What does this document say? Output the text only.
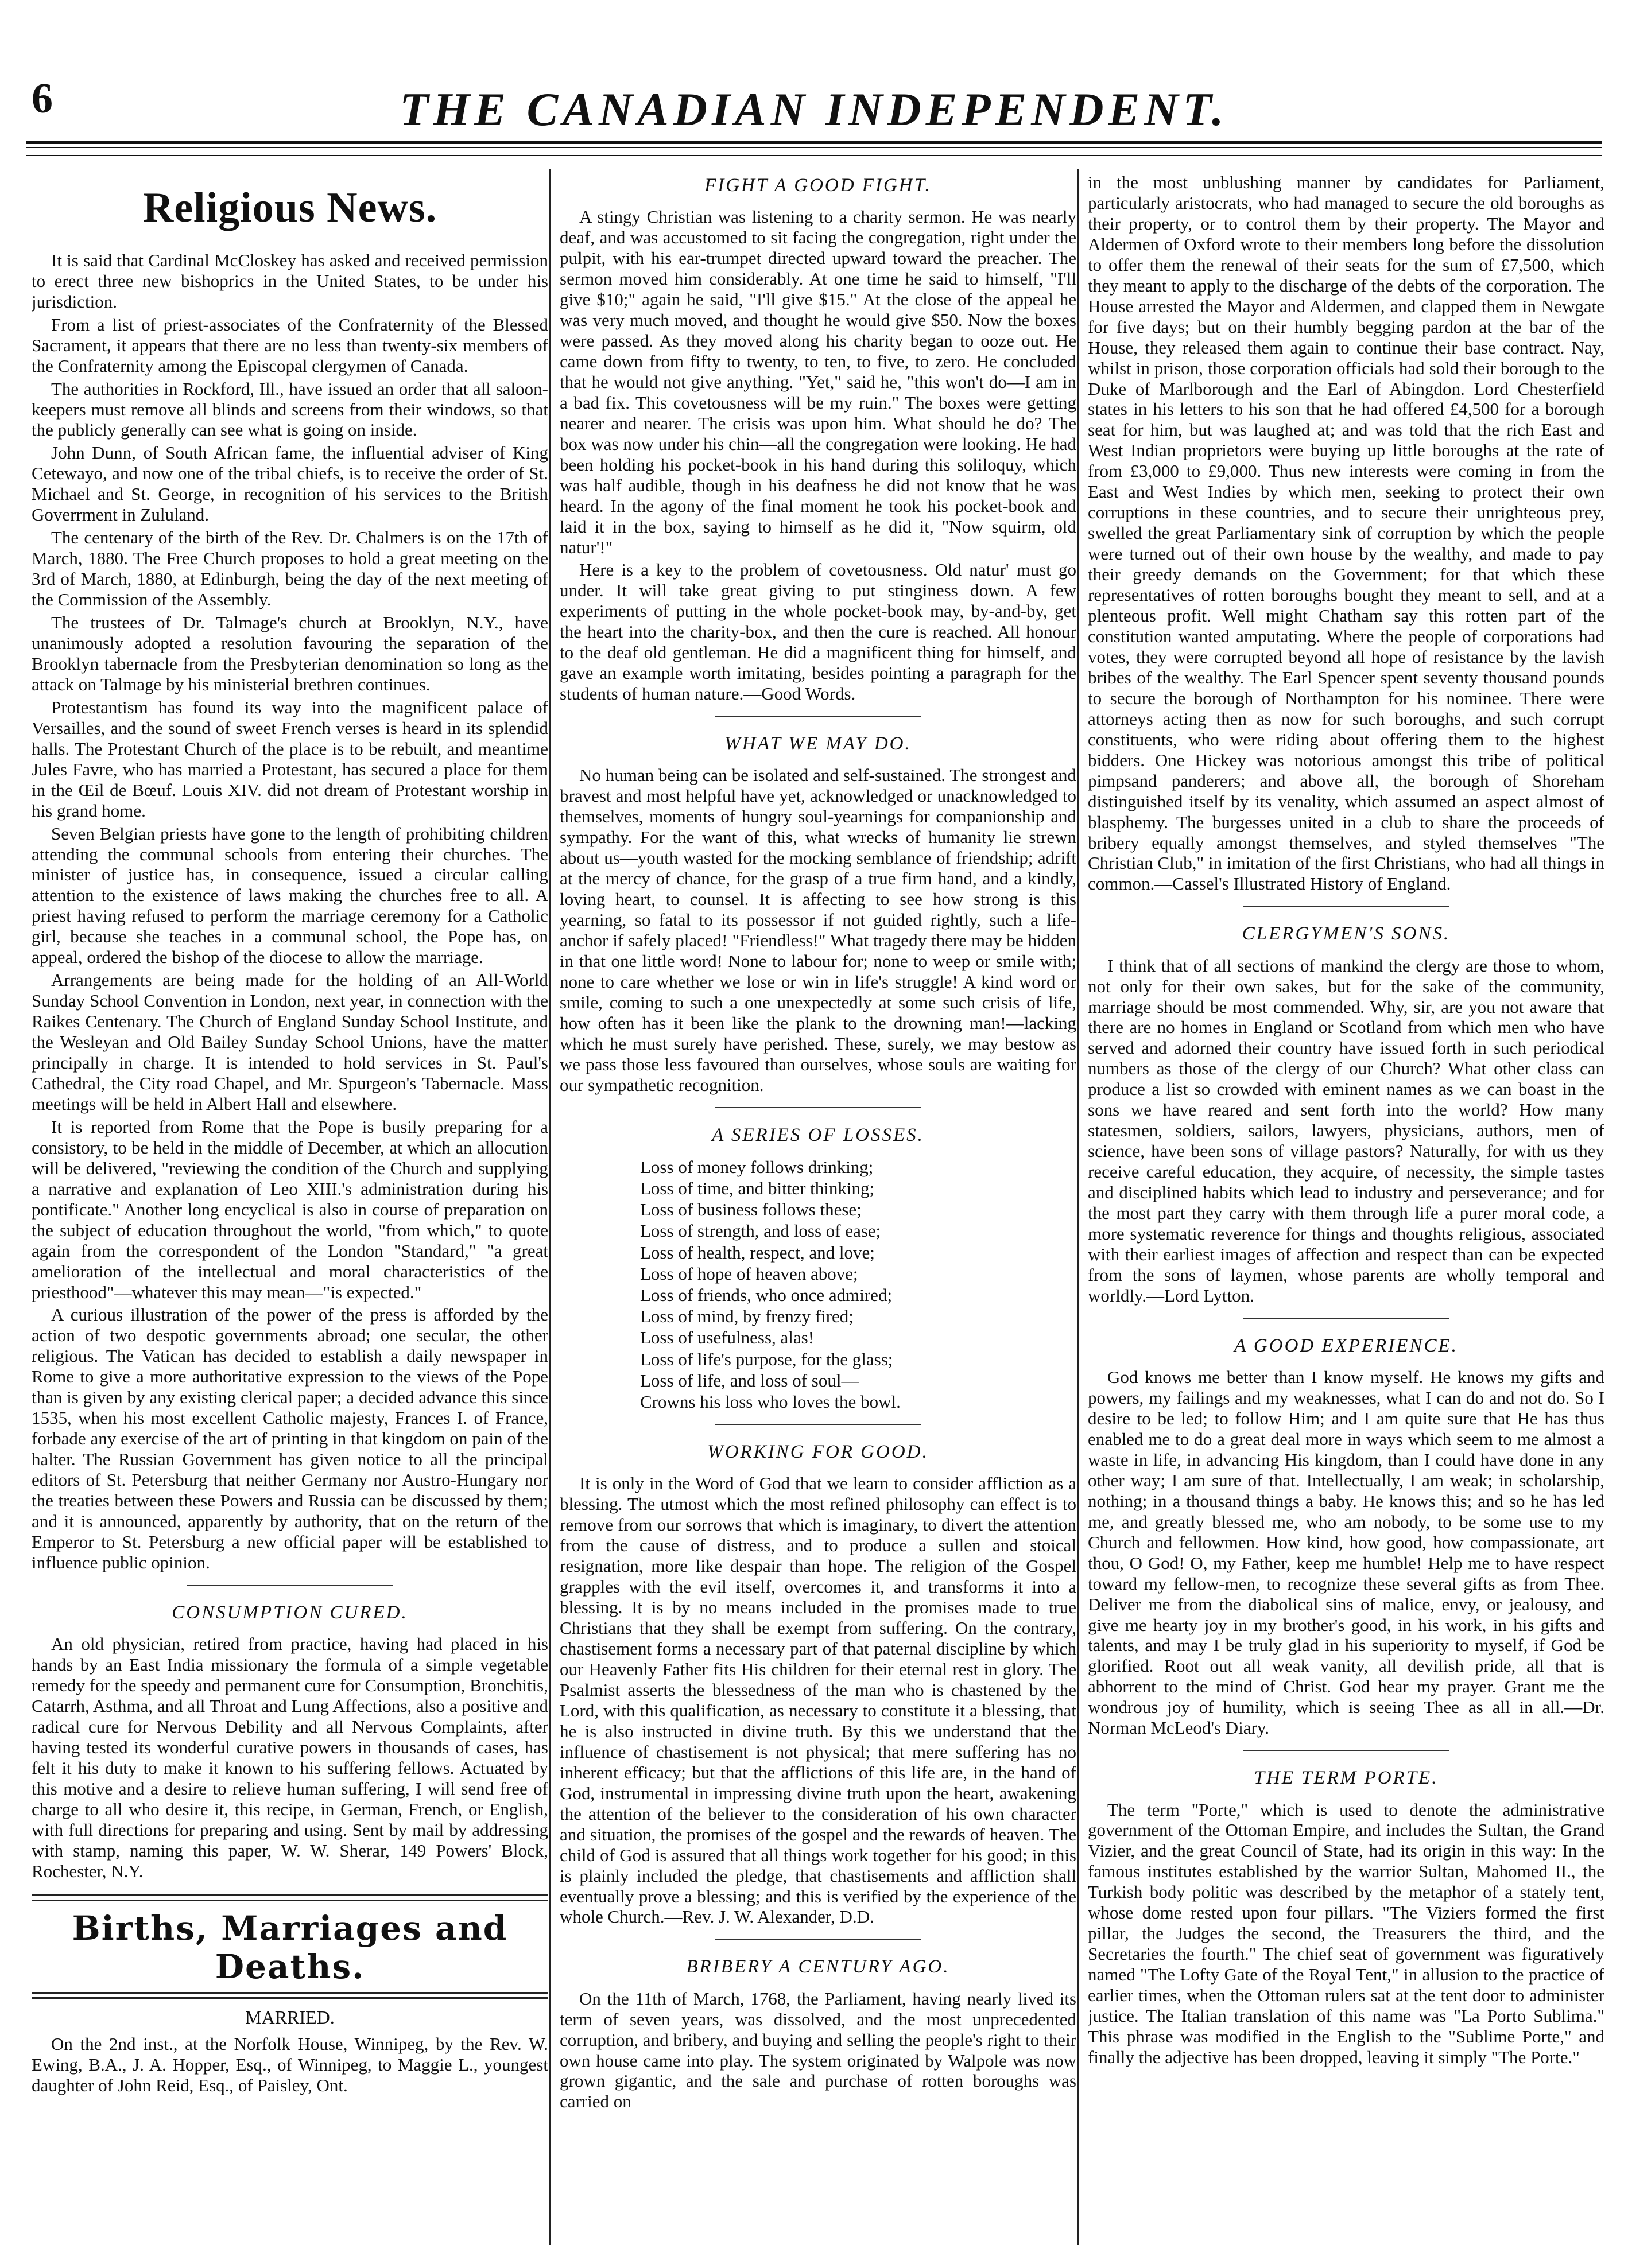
6	THE CANADIAN INDEPENDENT.
Religious News.

It is said that Cardinal McCloskey has asked and received permission to erect three new bishoprics in the United States, to be under his jurisdiction.

From a list of priest-associates of the Confraternity of the Blessed Sacrament, it appears that there are no less than twenty-six members of the Confraternity among the Episcopal clergymen of Canada.

The authorities in Rockford, Ill., have issued an order that all saloon-keepers must remove all blinds and screens from their windows, so that the publicly generally can see what is going on inside.

John Dunn, of South African fame, the influential adviser of King Cetewayo, and now one of the tribal chiefs, is to receive the order of St. Michael and St. George, in recognition of his services to the British Goverrment in Zululand.

The centenary of the birth of the Rev. Dr. Chalmers is on the 17th of March, 1880. The Free Church proposes to hold a great meeting on the 3rd of March, 1880, at Edinburgh, being the day of the next meeting of the Commission of the Assembly.

The trustees of Dr. Talmage's church at Brooklyn, N.Y., have unanimously adopted a resolution favouring the separation of the Brooklyn tabernacle from the Presbyterian denomination so long as the attack on Talmage by his ministerial brethren continues.

Protestantism has found its way into the magnificent palace of Versailles, and the sound of sweet French verses is heard in its splendid halls. The Protestant Church of the place is to be rebuilt, and meantime Jules Favre, who has married a Protestant, has secured a place for them in the Œil de Bœuf. Louis XIV. did not dream of Protestant worship in his grand home.

Seven Belgian priests have gone to the length of prohibiting children attending the communal schools from entering their churches. The minister of justice has, in consequence, issued a circular calling attention to the existence of laws making the churches free to all. A priest having refused to perform the marriage ceremony for a Catholic girl, because she teaches in a communal school, the Pope has, on appeal, ordered the bishop of the diocese to allow the marriage.

Arrangements are being made for the holding of an All-World Sunday School Convention in London, next year, in connection with the Raikes Centenary. The Church of England Sunday School Institute, and the Wesleyan and Old Bailey Sunday School Unions, have the matter principally in charge. It is intended to hold services in St. Paul's Cathedral, the City road Chapel, and Mr. Spurgeon's Tabernacle. Mass meetings will be held in Albert Hall and elsewhere.

It is reported from Rome that the Pope is busily preparing for a consistory, to be held in the middle of December, at which an allocution will be delivered, "reviewing the condition of the Church and supplying a narrative and explanation of Leo XIII.'s administration during his pontificate." Another long encyclical is also in course of preparation on the subject of education throughout the world, "from which," to quote again from the correspondent of the London "Standard," "a great amelioration of the intellectual and moral characteristics of the priesthood"—whatever this may mean—"is expected."

A curious illustration of the power of the press is afforded by the action of two despotic governments abroad; one secular, the other religious. The Vatican has decided to establish a daily newspaper in Rome to give a more authoritative expression to the views of the Pope than is given by any existing clerical paper; a decided advance this since 1535, when his most excellent Catholic majesty, Frances I. of France, forbade any exercise of the art of printing in that kingdom on pain of the halter. The Russian Government has given notice to all the principal editors of St. Petersburg that neither Germany nor Austro-Hungary nor the treaties between these Powers and Russia can be discussed by them; and it is announced, apparently by authority, that on the return of the Emperor to St. Petersburg a new official paper will be established to influence public opinion.

CONSUMPTION CURED.

An old physician, retired from practice, having had placed in his hands by an East India missionary the formula of a simple vegetable remedy for the speedy and permanent cure for Consumption, Bronchitis, Catarrh, Asthma, and all Throat and Lung Affections, also a positive and radical cure for Nervous Debility and all Nervous Complaints, after having tested its wonderful curative powers in thousands of cases, has felt it his duty to make it known to his suffering fellows. Actuated by this motive and a desire to relieve human suffering, I will send free of charge to all who desire it, this recipe, in German, French, or English, with full directions for preparing and using. Sent by mail by addressing with stamp, naming this paper, W. W. Sherar, 149 Powers' Block, Rochester, N.Y.

Births, Marriages and Deaths.
MARRIED.

On the 2nd inst., at the Norfolk House, Winnipeg, by the Rev. W. Ewing, B.A., J. A. Hopper, Esq., of Winnipeg, to Maggie L., youngest daughter of John Reid, Esq., of Paisley, Ont.

FIGHT A GOOD FIGHT.

A stingy Christian was listening to a charity sermon. He was nearly deaf, and was accustomed to sit facing the congregation, right under the pulpit, with his ear-trumpet directed upward toward the preacher. The sermon moved him considerably. At one time he said to himself, "I'll give $10;" again he said, "I'll give $15." At the close of the appeal he was very much moved, and thought he would give $50. Now the boxes were passed. As they moved along his charity began to ooze out. He came down from fifty to twenty, to ten, to five, to zero. He concluded that he would not give anything. "Yet," said he, "this won't do—I am in a bad fix. This covetousness will be my ruin." The boxes were getting nearer and nearer. The crisis was upon him. What should he do? The box was now under his chin—all the congregation were looking. He had been holding his pocket-book in his hand during this soliloquy, which was half audible, though in his deafness he did not know that he was heard. In the agony of the final moment he took his pocket-book and laid it in the box, saying to himself as he did it, "Now squirm, old natur'!"

Here is a key to the problem of covetousness. Old natur' must go under. It will take great giving to put stinginess down. A few experiments of putting in the whole pocket-book may, by-and-by, get the heart into the charity-box, and then the cure is reached. All honour to the deaf old gentleman. He did a magnificent thing for himself, and gave an example worth imitating, besides pointing a paragraph for the students of human nature.—Good Words.

WHAT WE MAY DO.

No human being can be isolated and self-sustained. The strongest and bravest and most helpful have yet, acknowledged or unacknowledged to themselves, moments of hungry soul-yearnings for companionship and sympathy. For the want of this, what wrecks of humanity lie strewn about us—youth wasted for the mocking semblance of friendship; adrift at the mercy of chance, for the grasp of a true firm hand, and a kindly, loving heart, to counsel. It is affecting to see how strong is this yearning, so fatal to its possessor if not guided rightly, such a life-anchor if safely placed! "Friendless!" What tragedy there may be hidden in that one little word! None to labour for; none to weep or smile with; none to care whether we lose or win in life's struggle! A kind word or smile, coming to such a one unexpectedly at some such crisis of life, how often has it been like the plank to the drowning man!—lacking which he must surely have perished. These, surely, we may bestow as we pass those less favoured than ourselves, whose souls are waiting for our sympathetic recognition.

A SERIES OF LOSSES.
Loss of money follows drinking;
Loss of time, and bitter thinking;
Loss of business follows these;
Loss of strength, and loss of ease;
Loss of health, respect, and love;
Loss of hope of heaven above;
Loss of friends, who once admired;
Loss of mind, by frenzy fired;
Loss of usefulness, alas!
Loss of life's purpose, for the glass;
Loss of life, and loss of soul—
Crowns his loss who loves the bowl.
WORKING FOR GOOD.

It is only in the Word of God that we learn to consider affliction as a blessing. The utmost which the most refined philosophy can effect is to remove from our sorrows that which is imaginary, to divert the attention from the cause of distress, and to produce a sullen and stoical resignation, more like despair than hope. The religion of the Gospel grapples with the evil itself, overcomes it, and transforms it into a blessing. It is by no means included in the promises made to true Christians that they shall be exempt from suffering. On the contrary, chastisement forms a necessary part of that paternal discipline by which our Heavenly Father fits His children for their eternal rest in glory. The Psalmist asserts the blessedness of the man who is chastened by the Lord, with this qualification, as necessary to constitute it a blessing, that he is also instructed in divine truth. By this we understand that the influence of chastisement is not physical; that mere suffering has no inherent efficacy; but that the afflictions of this life are, in the hand of God, instrumental in impressing divine truth upon the heart, awakening the attention of the believer to the consideration of his own character and situation, the promises of the gospel and the rewards of heaven. The child of God is assured that all things work together for his good; in this is plainly included the pledge, that chastisements and affliction shall eventually prove a blessing; and this is verified by the experience of the whole Church.—Rev. J. W. Alexander, D.D.

BRIBERY A CENTURY AGO.

On the 11th of March, 1768, the Parliament, having nearly lived its term of seven years, was dissolved, and the most unprecedented corruption, and bribery, and buying and selling the people's right to their own house came into play. The system originated by Walpole was now grown gigantic, and the sale and purchase of rotten boroughs was carried on

in the most unblushing manner by candidates for Parliament, particularly aristocrats, who had managed to secure the old boroughs as their property, or to control them by their property. The Mayor and Aldermen of Oxford wrote to their members long before the dissolution to offer them the renewal of their seats for the sum of £7,500, which they meant to apply to the discharge of the debts of the corporation. The House arrested the Mayor and Aldermen, and clapped them in Newgate for five days; but on their humbly begging pardon at the bar of the House, they released them again to continue their base contract. Nay, whilst in prison, those corporation officials had sold their borough to the Duke of Marlborough and the Earl of Abingdon. Lord Chesterfield states in his letters to his son that he had offered £4,500 for a borough seat for him, but was laughed at; and was told that the rich East and West Indian proprietors were buying up little boroughs at the rate of from £3,000 to £9,000. Thus new interests were coming in from the East and West Indies by which men, seeking to protect their own corruptions in these countries, and to secure their unrighteous prey, swelled the great Parliamentary sink of corruption by which the people were turned out of their own house by the wealthy, and made to pay their greedy demands on the Government; for that which these representatives of rotten boroughs bought they meant to sell, and at a plenteous profit. Well might Chatham say this rotten part of the constitution wanted amputating. Where the people of corporations had votes, they were corrupted beyond all hope of resistance by the lavish bribes of the wealthy. The Earl Spencer spent seventy thousand pounds to secure the borough of Northampton for his nominee. There were attorneys acting then as now for such boroughs, and such corrupt constituents, who were riding about offering them to the highest bidders. One Hickey was notorious amongst this tribe of political pimpsand panderers; and above all, the borough of Shoreham distinguished itself by its venality, which assumed an aspect almost of blasphemy. The burgesses united in a club to share the proceeds of bribery equally amongst themselves, and styled themselves "The Christian Club," in imitation of the first Christians, who had all things in common.—Cassel's Illustrated History of England.

CLERGYMEN'S SONS.

I think that of all sections of mankind the clergy are those to whom, not only for their own sakes, but for the sake of the community, marriage should be most commended. Why, sir, are you not aware that there are no homes in England or Scotland from which men who have served and adorned their country have issued forth in such periodical numbers as those of the clergy of our Church? What other class can produce a list so crowded with eminent names as we can boast in the sons we have reared and sent forth into the world? How many statesmen, soldiers, sailors, lawyers, physicians, authors, men of science, have been sons of village pastors? Naturally, for with us they receive careful education, they acquire, of necessity, the simple tastes and disciplined habits which lead to industry and perseverance; and for the most part they carry with them through life a purer moral code, a more systematic reverence for things and thoughts religious, associated with their earliest images of affection and respect than can be expected from the sons of laymen, whose parents are wholly temporal and worldly.—Lord Lytton.

A GOOD EXPERIENCE.

God knows me better than I know myself. He knows my gifts and powers, my failings and my weaknesses, what I can do and not do. So I desire to be led; to follow Him; and I am quite sure that He has thus enabled me to do a great deal more in ways which seem to me almost a waste in life, in advancing His kingdom, than I could have done in any other way; I am sure of that. Intellectually, I am weak; in scholarship, nothing; in a thousand things a baby. He knows this; and so he has led me, and greatly blessed me, who am nobody, to be some use to my Church and fellowmen. How kind, how good, how compassionate, art thou, O God! O, my Father, keep me humble! Help me to have respect toward my fellow-men, to recognize these several gifts as from Thee. Deliver me from the diabolical sins of malice, envy, or jealousy, and give me hearty joy in my brother's good, in his work, in his gifts and talents, and may I be truly glad in his superiority to myself, if God be glorified. Root out all weak vanity, all devilish pride, all that is abhorrent to the mind of Christ. God hear my prayer. Grant me the wondrous joy of humility, which is seeing Thee as all in all.—Dr. Norman McLeod's Diary.

THE TERM PORTE.

The term "Porte," which is used to denote the administrative government of the Ottoman Empire, and includes the Sultan, the Grand Vizier, and the great Council of State, had its origin in this way: In the famous institutes established by the warrior Sultan, Mahomed II., the Turkish body politic was described by the metaphor of a stately tent, whose dome rested upon four pillars. "The Viziers formed the first pillar, the Judges the second, the Treasurers the third, and the Secretaries the fourth." The chief seat of government was figuratively named "The Lofty Gate of the Royal Tent," in allusion to the practice of earlier times, when the Ottoman rulers sat at the tent door to administer justice. The Italian translation of this name was "La Porto Sublima." This phrase was modified in the English to the "Sublime Porte," and finally the adjective has been dropped, leaving it simply "The Porte."
